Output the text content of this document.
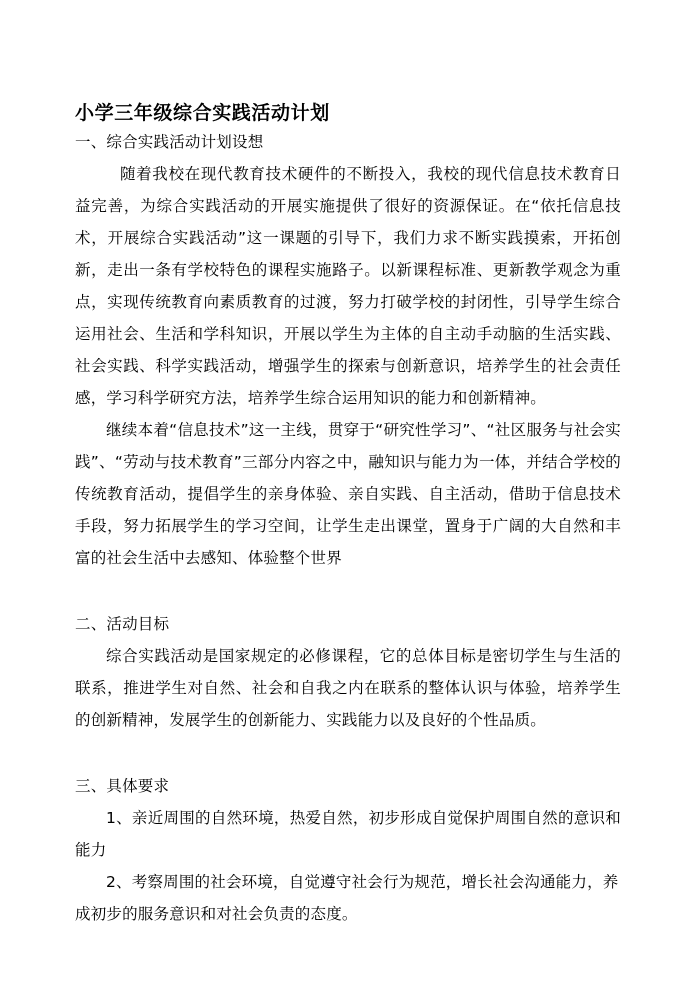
小学三年级综合实践活动计划

一、综合实践活动计划设想

随着我校在现代教育技术硬件的不断投入，我校的现代信息技术教育日益完善，为综合实践活动的开展实施提供了很好的资源保证。在“依托信息技术，开展综合实践活动”这一课题的引导下，我们力求不断实践摸索，开拓创新，走出一条有学校特色的课程实施路子。以新课程标准、更新教学观念为重点，实现传统教育向素质教育的过渡，努力打破学校的封闭性，引导学生综合运用社会、生活和学科知识，开展以学生为主体的自主动手动脑的生活实践、社会实践、科学实践活动，增强学生的探索与创新意识，培养学生的社会责任感，学习科学研究方法，培养学生综合运用知识的能力和创新精神。

继续本着“信息技术”这一主线，贯穿于“研究性学习”、“社区服务与社会实践”、“劳动与技术教育”三部分内容之中，融知识与能力为一体，并结合学校的传统教育活动，提倡学生的亲身体验、亲自实践、自主活动，借助于信息技术手段，努力拓展学生的学习空间，让学生走出课堂，置身于广阔的大自然和丰富的社会生活中去感知、体验整个世界

二、活动目标

综合实践活动是国家规定的必修课程，它的总体目标是密切学生与生活的联系，推进学生对自然、社会和自我之内在联系的整体认识与体验，培养学生的创新精神，发展学生的创新能力、实践能力以及良好的个性品质。

三、具体要求

1、亲近周围的自然环境，热爱自然，初步形成自觉保护周围自然的意识和能力

2、考察周围的社会环境，自觉遵守社会行为规范，增长社会沟通能力，养成初步的服务意识和对社会负责的态度。
